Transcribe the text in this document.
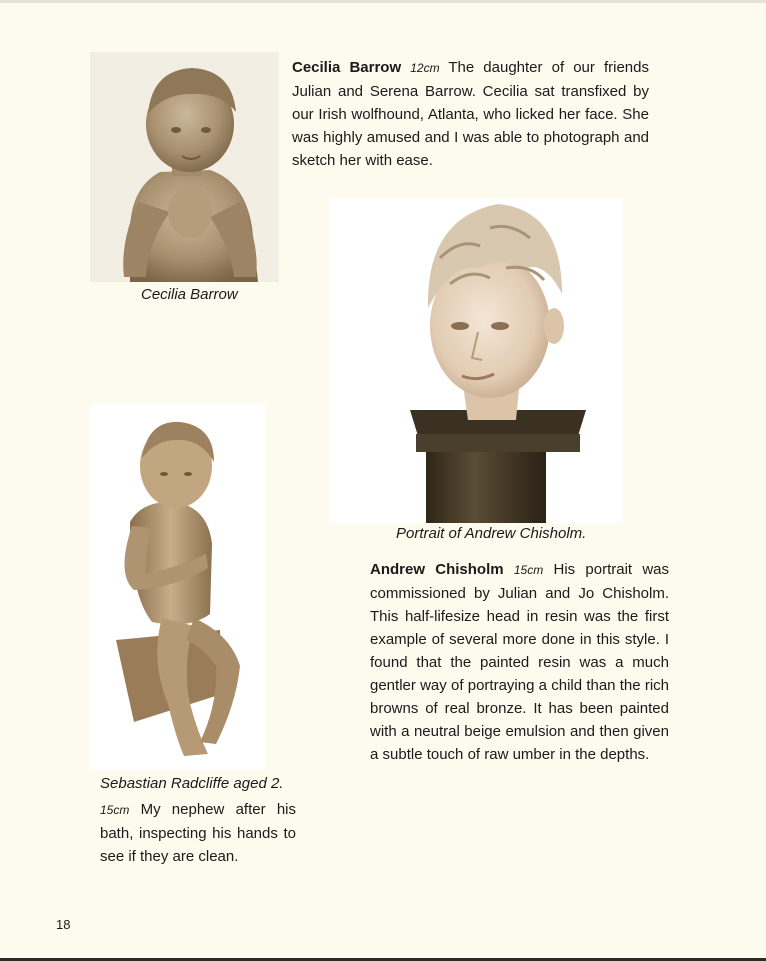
Cecilia Barrow

Cecilia Barrow 12cm The daughter of our friends Julian and Serena Barrow. Cecilia sat transfixed by our Irish wolfhound, Atlanta, who licked her face. She was highly amused and I was able to photograph and sketch her with ease.

Portrait of Andrew Chisholm.

Andrew Chisholm 15cm His portrait was commissioned by Julian and Jo Chisholm. This half-lifesize head in resin was the first example of several more done in this style. I found that the painted resin was a much gentler way of portraying a child than the rich browns of real bronze. It has been painted with a neutral beige emulsion and then given a subtle touch of raw umber in the depths.

Sebastian Radcliffe aged 2.

15cm My nephew after his bath, inspecting his hands to see if they are clean.

18
